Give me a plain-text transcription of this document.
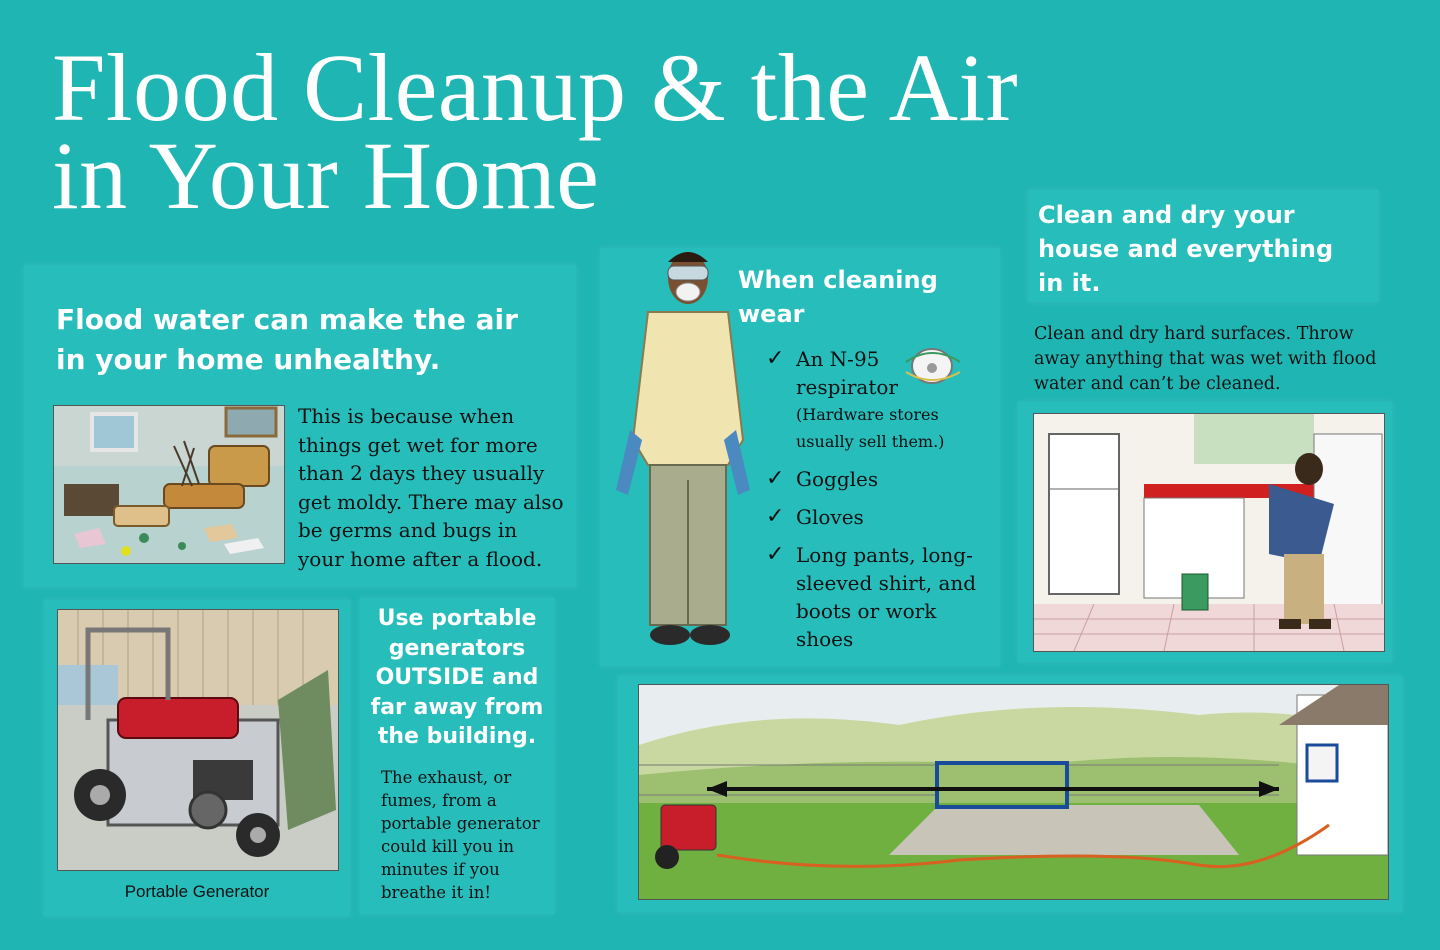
Flood Cleanup & the Air
in Your Home
Flood water can make the air in your home unhealthy.
This is because when things get wet for more than 2 days they usually get moldy. There may also be germs and bugs in your home after a flood.
Portable Generator
Use portable generators OUTSIDE and far away from the building.
The exhaust, or fumes, from a portable generator could kill you in minutes if you breathe it in!
When cleaning wear
✓ An N-95 respirator
(Hardware stores usually sell them.)
✓ Goggles
✓ Gloves
✓ Long pants, long-sleeved shirt, and boots or work shoes
Clean and dry your house and everything in it.
Clean and dry hard surfaces. Throw away anything that was wet with flood water and can’t be cleaned.
